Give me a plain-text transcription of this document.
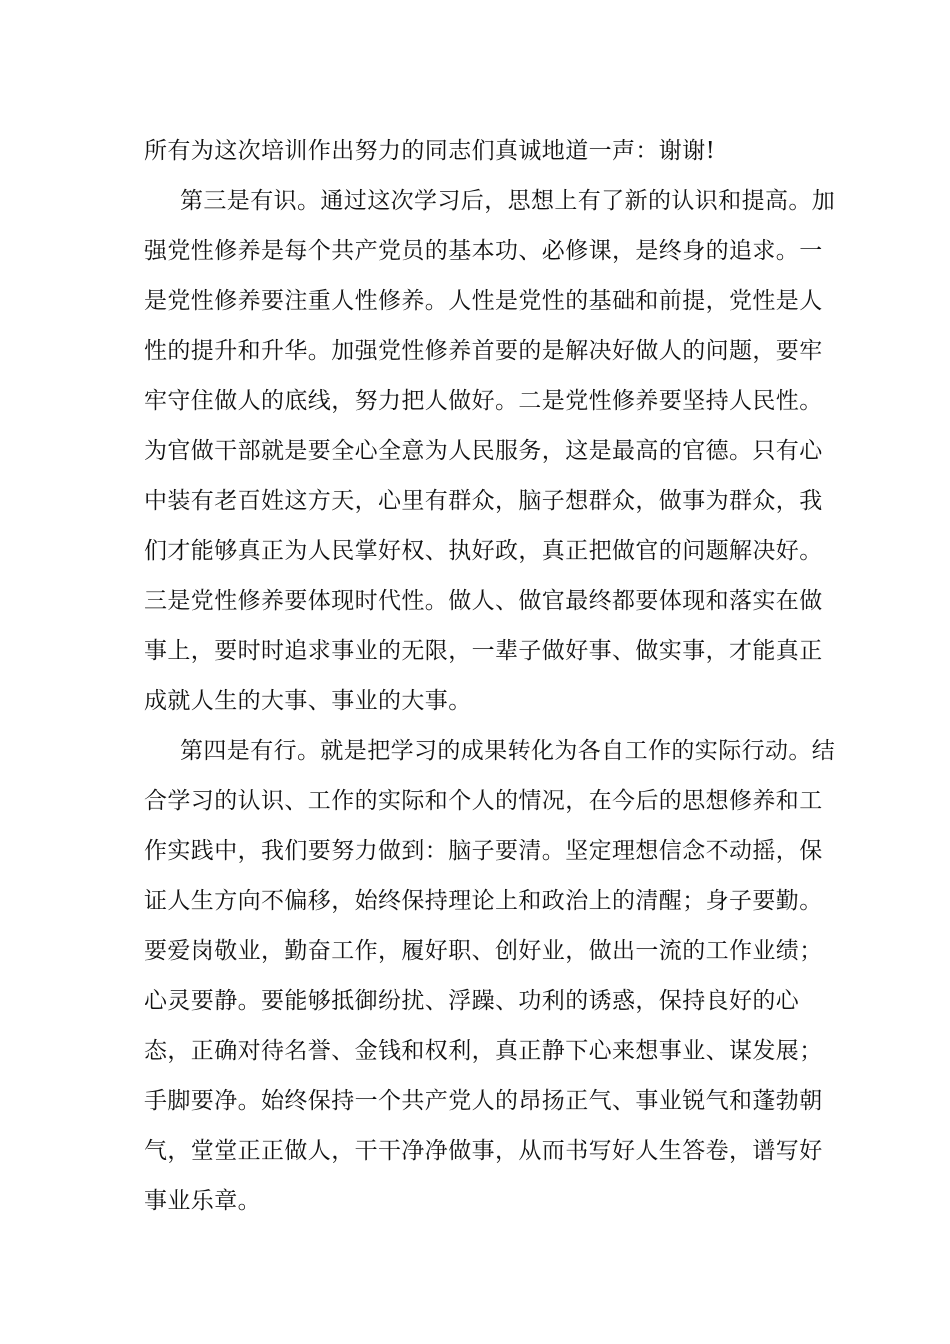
所有为这次培训作出努力的同志们真诚地道一声：谢谢!
第三是有识。通过这次学习后，思想上有了新的认识和提高。加
强党性修养是每个共产党员的基本功、必修课，是终身的追求。一
是党性修养要注重人性修养。人性是党性的基础和前提，党性是人
性的提升和升华。加强党性修养首要的是解决好做人的问题，要牢
牢守住做人的底线，努力把人做好。二是党性修养要坚持人民性。
为官做干部就是要全心全意为人民服务，这是最高的官德。只有心
中装有老百姓这方天，心里有群众，脑子想群众，做事为群众，我
们才能够真正为人民掌好权、执好政，真正把做官的问题解决好。
三是党性修养要体现时代性。做人、做官最终都要体现和落实在做
事上，要时时追求事业的无限，一辈子做好事、做实事，才能真正
成就人生的大事、事业的大事。
第四是有行。就是把学习的成果转化为各自工作的实际行动。结
合学习的认识、工作的实际和个人的情况，在今后的思想修养和工
作实践中，我们要努力做到：脑子要清。坚定理想信念不动摇，保
证人生方向不偏移，始终保持理论上和政治上的清醒；身子要勤。
要爱岗敬业，勤奋工作，履好职、创好业，做出一流的工作业绩；
心灵要静。要能够抵御纷扰、浮躁、功利的诱惑，保持良好的心
态，正确对待名誉、金钱和权利，真正静下心来想事业、谋发展；
手脚要净。始终保持一个共产党人的昂扬正气、事业锐气和蓬勃朝
气，堂堂正正做人，干干净净做事，从而书写好人生答卷，谱写好
事业乐章。
